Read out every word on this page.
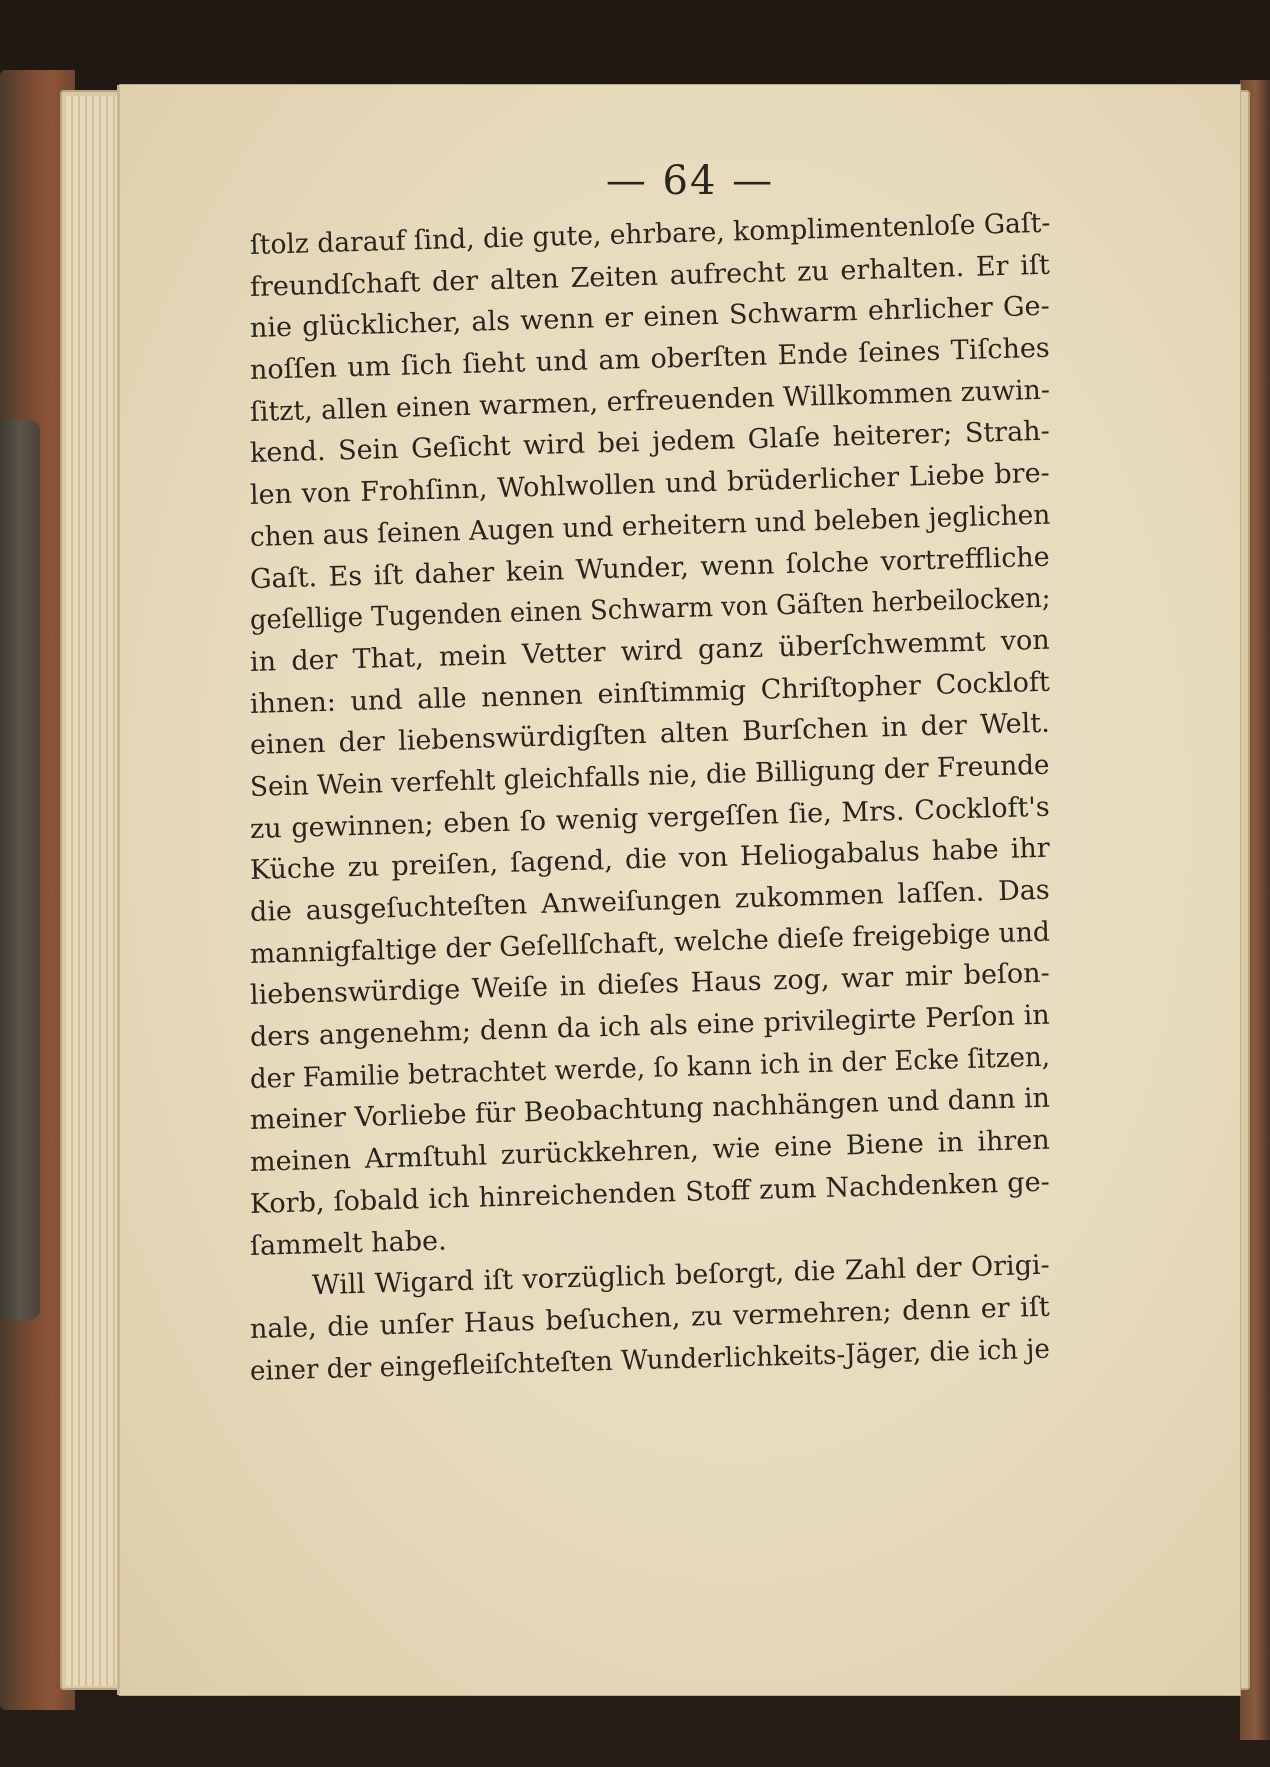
— 64 —
ſtolz darauf ſind, die gute, ehrbare, komplimentenloſe Gaſt-
freundſchaft der alten Zeiten aufrecht zu erhalten. Er iſt
nie glücklicher, als wenn er einen Schwarm ehrlicher Ge-
noſſen um ſich ſieht und am oberſten Ende ſeines Tiſches
ſitzt, allen einen warmen, erfreuenden Willkommen zuwin-
kend. Sein Geſicht wird bei jedem Glaſe heiterer; Strah-
len von Frohſinn, Wohlwollen und brüderlicher Liebe bre-
chen aus ſeinen Augen und erheitern und beleben jeglichen
Gaſt. Es iſt daher kein Wunder, wenn ſolche vortreffliche
geſellige Tugenden einen Schwarm von Gäſten herbeilocken;
in der That, mein Vetter wird ganz überſchwemmt von
ihnen: und alle nennen einſtimmig Chriſtopher Cockloft
einen der liebenswürdigſten alten Burſchen in der Welt.
Sein Wein verfehlt gleichfalls nie, die Billigung der Freunde
zu gewinnen; eben ſo wenig vergeſſen ſie, Mrs. Cockloft's
Küche zu preiſen, ſagend, die von Heliogabalus habe ihr
die ausgeſuchteſten Anweiſungen zukommen laſſen. Das
mannigfaltige der Geſellſchaft, welche dieſe freigebige und
liebenswürdige Weiſe in dieſes Haus zog, war mir beſon-
ders angenehm; denn da ich als eine privilegirte Perſon in
der Familie betrachtet werde, ſo kann ich in der Ecke ſitzen,
meiner Vorliebe für Beobachtung nachhängen und dann in
meinen Armſtuhl zurückkehren, wie eine Biene in ihren
Korb, ſobald ich hinreichenden Stoff zum Nachdenken ge-
ſammelt habe.
Will Wigard iſt vorzüglich beſorgt, die Zahl der Origi-
nale, die unſer Haus beſuchen, zu vermehren; denn er iſt
einer der eingefleiſchteſten Wunderlichkeits-Jäger, die ich je
